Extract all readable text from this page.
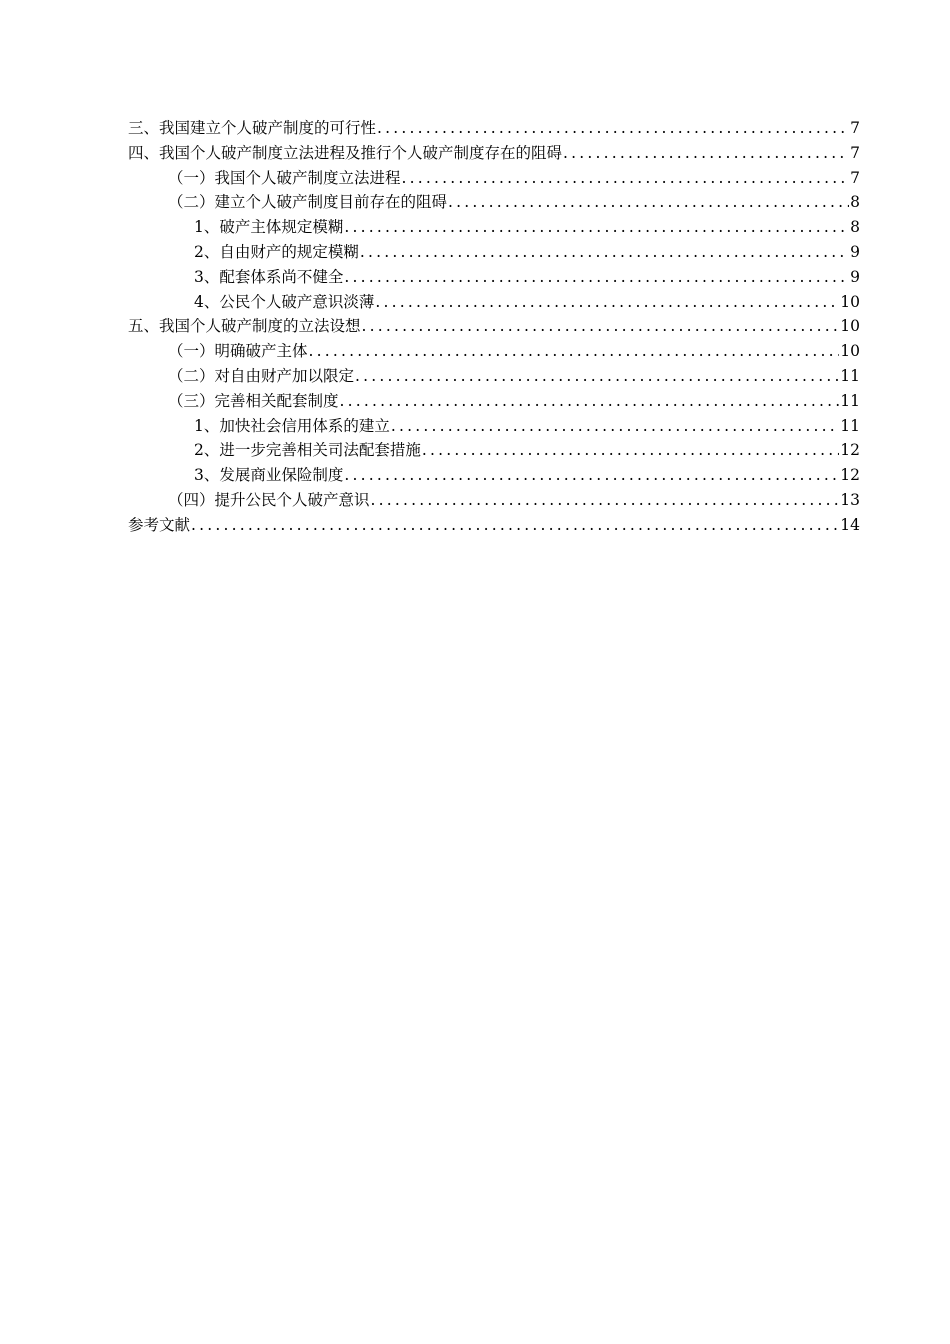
三、我国建立个人破产制度的可行性 .....	7
四、我国个人破产制度立法进程及推行个人破产制度存在的阻碍 .....	7
（一）我国个人破产制度立法进程 .....	7
（二）建立个人破产制度目前存在的阻碍 .....	8
1、破产主体规定模糊 .....	8
2、自由财产的规定模糊 .....	9
3、配套体系尚不健全 .....	9
4、公民个人破产意识淡薄 .....	10
五、我国个人破产制度的立法设想 .....	10
（一）明确破产主体 .....	10
（二）对自由财产加以限定 .....	11
（三）完善相关配套制度 .....	11
1、加快社会信用体系的建立 .....	11
2、进一步完善相关司法配套措施 .....	12
3、发展商业保险制度 .....	12
（四）提升公民个人破产意识 .....	13
参考文献 .....	14
